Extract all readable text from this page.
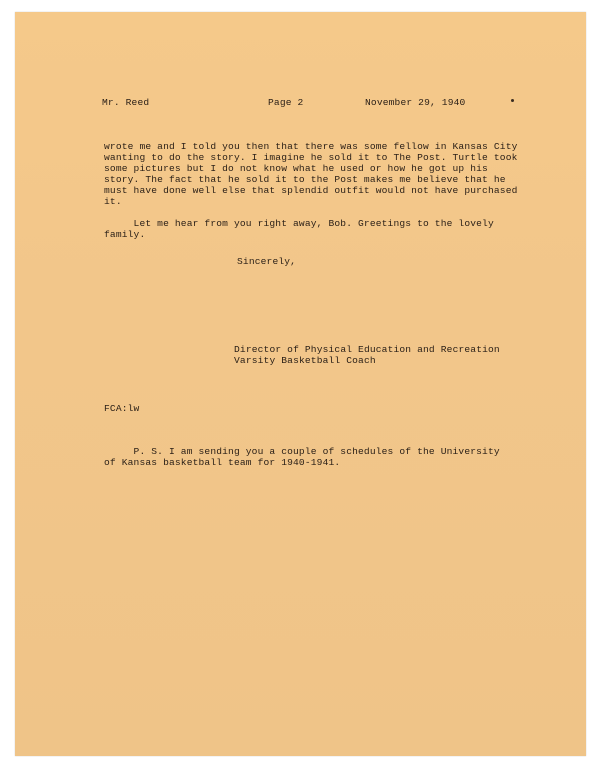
Mr. Reed	Page 2	November 29, 1940
wrote me and I told you then that there was some fellow in Kansas City
wanting to do the story. I imagine he sold it to The Post. Turtle took
some pictures but I do not know what he used or how he got up his
story. The fact that he sold it to the Post makes me believe that he
must have done well else that splendid outfit would not have purchased
it.
Let me hear from you right away, Bob. Greetings to the lovely
family.
Sincerely,
Director of Physical Education and Recreation
Varsity Basketball Coach
FCA:lw
P. S. I am sending you a couple of schedules of the University
of Kansas basketball team for 1940-1941.
